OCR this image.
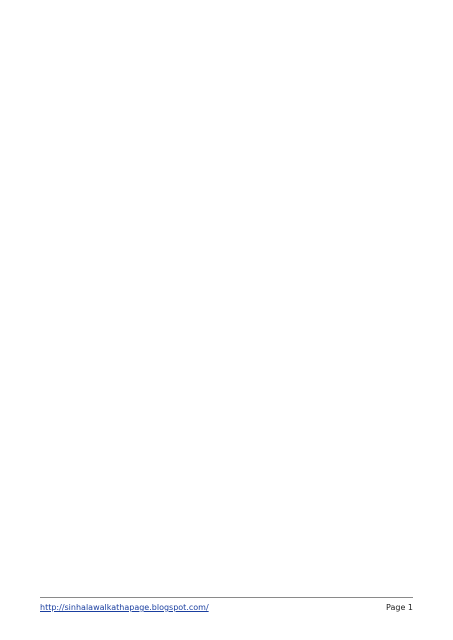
http://sinhalawalkathapage.blogspot.com/	Page 1
